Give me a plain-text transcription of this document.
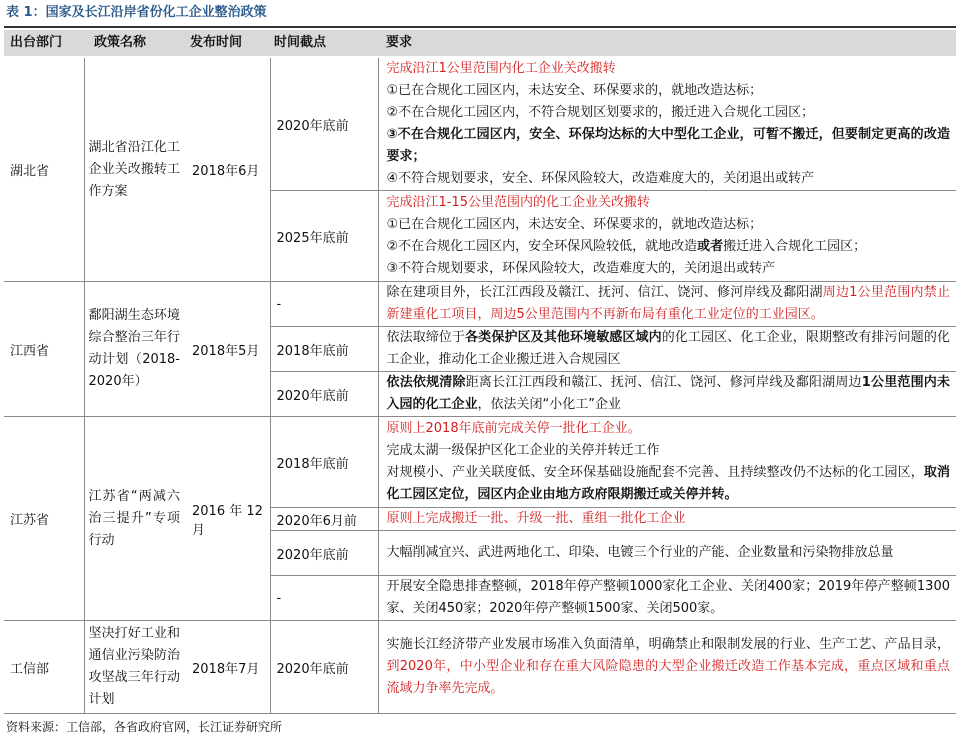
表 1：国家及长江沿岸省份化工企业整治政策
出台部门 政策名称	发布时间 时间截点	要求
湖北省	湖北省沿江化工企业关改搬转工作方案	2018年6月	2020年底前	完成沿江1公里范围内化工企业关改搬转
①已在合规化工园区内，未达安全、环保要求的，就地改造达标；
②不在合规化工园区内，不符合规划区划要求的，搬迁进入合规化工园区；
③不在合规化工园区内，安全、环保均达标的大中型化工企业，可暂不搬迁，但要制定更高的改造要求；
④不符合规划要求，安全、环保风险较大，改造难度大的，关闭退出或转产

			2025年底前	完成沿江1-15公里范围内的化工企业关改搬转
①已在合规化工园区内，未达安全、环保要求的，就地改造达标；
②不在合规化工园区内，安全环保风险较低，就地改造或者搬迁进入合规化工园区；
③不符合规划要求，环保风险较大，改造难度大的，关闭退出或转产

江西省	鄱阳湖生态环境综合整治三年行动计划（2018-2020年）	2018年5月	-	除在建项目外，长江江西段及赣江、抚河、信江、饶河、修河岸线及鄱阳湖周边1公里范围内禁止新建重化工项目，周边5公里范围内不再新布局有重化工业定位的工业园区。

			2018年底前	依法取缔位于各类保护区及其他环境敏感区域内的化工园区、化工企业，限期整改有排污问题的化工企业，推动化工企业搬迁进入合规园区

			2020年底前	依法依规清除距离长江江西段和赣江、抚河、信江、饶河、修河岸线及鄱阳湖周边1公里范围内未入园的化工企业，依法关闭“小化工”企业

江苏省	江苏省“两减六治三提升”专项行动	2016 年 12 月	2018年底前	原则上2018年底前完成关停一批化工企业。
完成太湖一级保护区化工企业的关停并转迁工作
对规模小、产业关联度低、安全环保基础设施配套不完善、且持续整改仍不达标的化工园区，取消化工园区定位，园区内企业由地方政府限期搬迁或关停并转。

			2020年6月前	原则上完成搬迁一批、升级一批、重组一批化工企业

			2020年底前	大幅削减宜兴、武进两地化工、印染、电镀三个行业的产能、企业数量和污染物排放总量

			-	开展安全隐患排查整顿，2018年停产整顿1000家化工企业、关闭400家；2019年停产整顿1300家、关闭450家；2020年停产整顿1500家、关闭500家。

工信部	坚决打好工业和通信业污染防治攻坚战三年行动计划	2018年7月	2020年底前	实施长江经济带产业发展市场准入负面清单，明确禁止和限制发展的行业、生产工艺、产品目录，到2020年，中小型企业和存在重大风险隐患的大型企业搬迁改造工作基本完成，重点区域和重点流域力争率先完成。
资料来源：工信部，各省政府官网，长江证券研究所
